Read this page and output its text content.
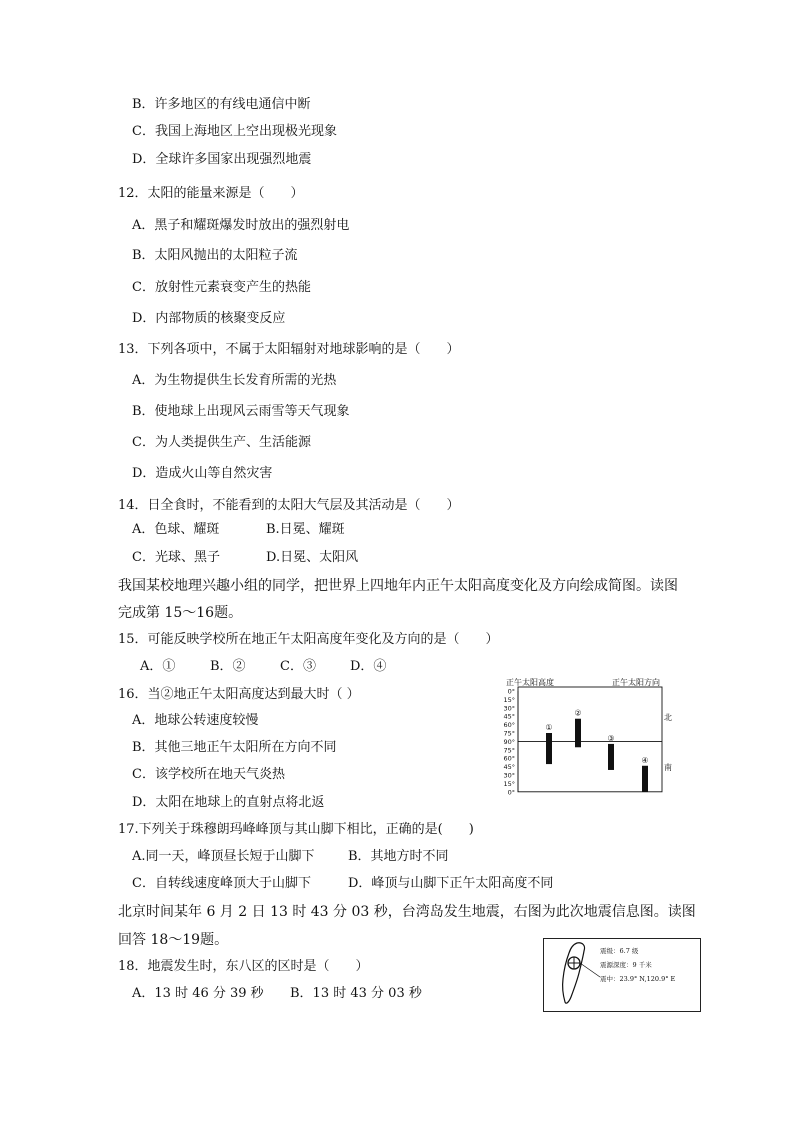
B．许多地区的有线电通信中断
C．我国上海地区上空出现极光现象
D．全球许多国家出现强烈地震
12．太阳的能量来源是（　　）
A．黑子和耀斑爆发时放出的强烈射电
B．太阳风抛出的太阳粒子流
C．放射性元素衰变产生的热能
D．内部物质的核聚变反应
13．下列各项中，不属于太阳辐射对地球影响的是（　　）
A．为生物提供生长发育所需的光热
B．使地球上出现风云雨雪等天气现象
C．为人类提供生产、生活能源
D．造成火山等自然灾害
14．日全食时，不能看到的太阳大气层及其活动是（　　）
A．色球、耀斑	B.日冕、耀斑
C．光球、黑子	D.日冕、太阳风
我国某校地理兴趣小组的同学，把世界上四地年内正午太阳高度变化及方向绘成简图。读图
完成第 15～16题。
15．可能反映学校所在地正午太阳高度年变化及方向的是（　　）
A．①	B．②	C．③	D．④
16．当②地正午太阳高度达到最大时（ ）
A．地球公转速度较慢
B．其他三地正午太阳所在方向不同
C．该学校所在地天气炎热
D．太阳在地球上的直射点将北返
正午太阳高度	正午太阳方向
北
南
0°
15°
30°
45°
60°
75°
90°
75°
60°
45°
30°
15°
0°
①
②
③
④
17.下列关于珠穆朗玛峰峰顶与其山脚下相比，正确的是(　　)
A.同一天，峰顶昼长短于山脚下	B．其地方时不同
C．自转线速度峰顶大于山脚下	D．峰顶与山脚下正午太阳高度不同
北京时间某年 6 月 2 日 13 时 43 分 03 秒，台湾岛发生地震，右图为此次地震信息图。读图
回答 18～19题。
18．地震发生时，东八区的区时是（　　）
A．13 时 46 分 39 秒 B．13 时 43 分 03 秒
震级：6.7 级
震源深度：9 千米
震中：23.9° N,120.9° E
